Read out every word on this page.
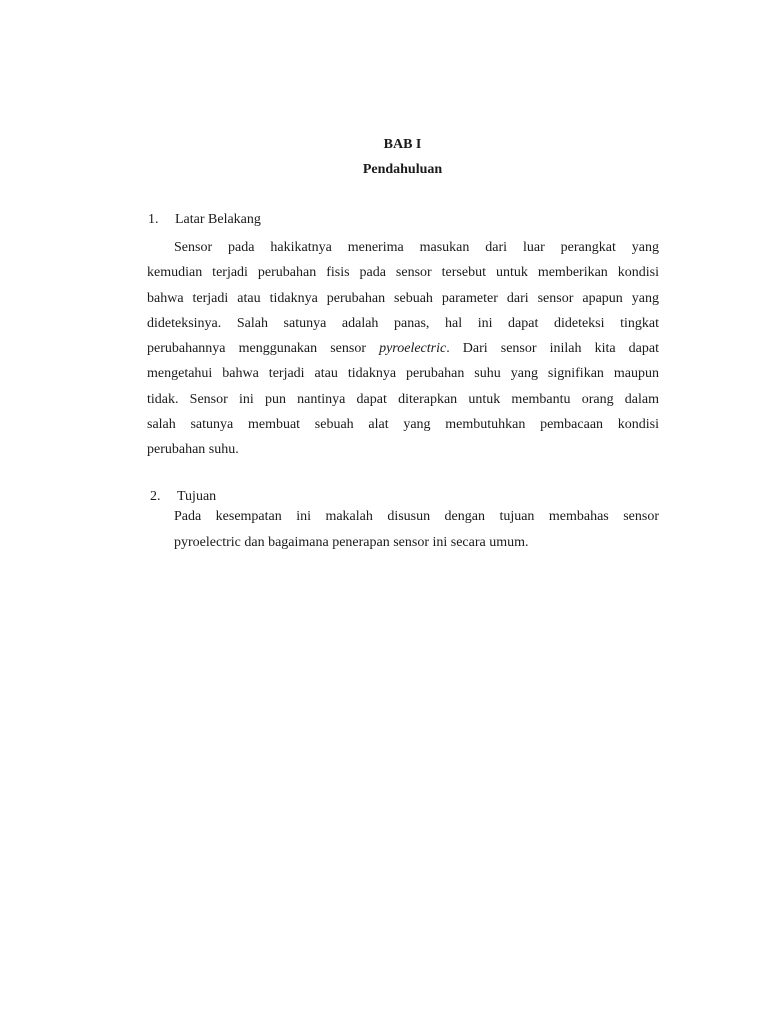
BAB I
Pendahuluan
1. Latar Belakang
Sensor pada hakikatnya menerima masukan dari luar perangkat yang
kemudian terjadi perubahan fisis pada sensor tersebut untuk memberikan kondisi
bahwa terjadi atau tidaknya perubahan sebuah parameter dari sensor apapun yang
dideteksinya. Salah satunya adalah panas, hal ini dapat dideteksi tingkat
perubahannya menggunakan sensor pyroelectric. Dari sensor inilah kita dapat
mengetahui bahwa terjadi atau tidaknya perubahan suhu yang signifikan maupun
tidak. Sensor ini pun nantinya dapat diterapkan untuk membantu orang dalam
salah satunya membuat sebuah alat yang membutuhkan pembacaan kondisi
perubahan suhu.
2. Tujuan
Pada kesempatan ini makalah disusun dengan tujuan membahas sensor
pyroelectric dan bagaimana penerapan sensor ini secara umum.
